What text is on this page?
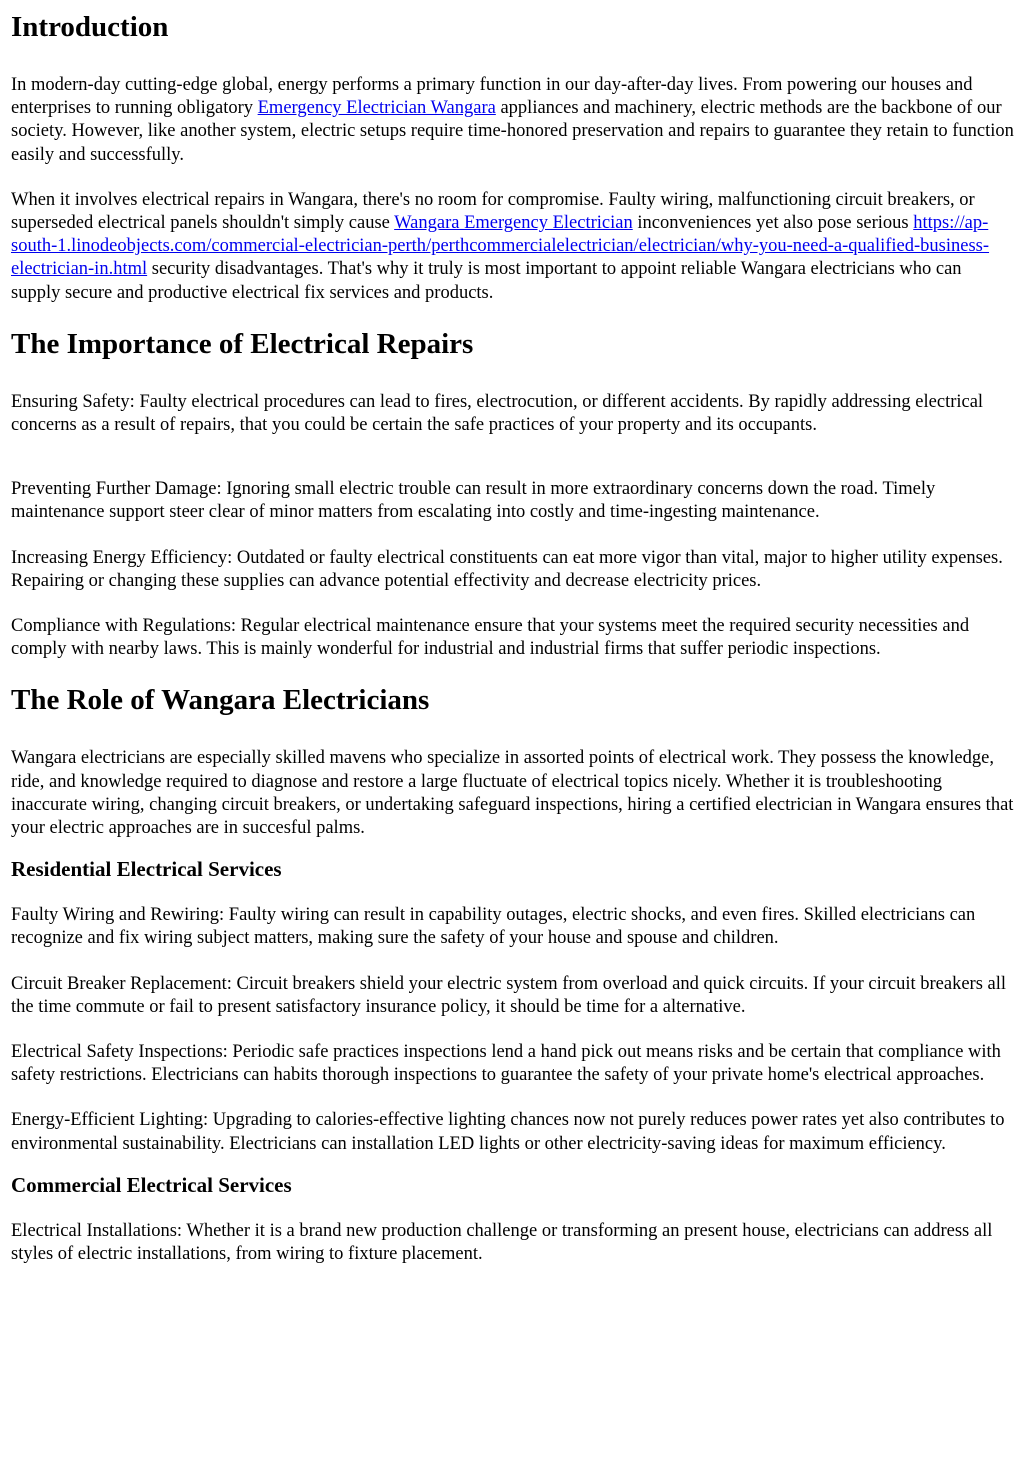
Introduction

In modern-day cutting-edge global, energy performs a primary function in our day-after-day lives. From powering our houses and enterprises to running obligatory Emergency Electrician Wangara appliances and machinery, electric methods are the backbone of our society. However, like another system, electric setups require time-honored preservation and repairs to guarantee they retain to function easily and successfully.

When it involves electrical repairs in Wangara, there's no room for compromise. Faulty wiring, malfunctioning circuit breakers, or superseded electrical panels shouldn't simply cause Wangara Emergency Electrician inconveniences yet also pose serious https://ap-south-1.linodeobjects.com/commercial-electrician-perth/perthcommercialelectrician/electrician/why-you-need-a-qualified-business-electrician-in.html security disadvantages. That's why it truly is most important to appoint reliable Wangara electricians who can supply secure and productive electrical fix services and products.

The Importance of Electrical Repairs

Ensuring Safety: Faulty electrical procedures can lead to fires, electrocution, or different accidents. By rapidly addressing electrical concerns as a result of repairs, that you could be certain the safe practices of your property and its occupants.

Preventing Further Damage: Ignoring small electric trouble can result in more extraordinary concerns down the road. Timely maintenance support steer clear of minor matters from escalating into costly and time-ingesting maintenance.

Increasing Energy Efficiency: Outdated or faulty electrical constituents can eat more vigor than vital, major to higher utility expenses. Repairing or changing these supplies can advance potential effectivity and decrease electricity prices.

Compliance with Regulations: Regular electrical maintenance ensure that your systems meet the required security necessities and comply with nearby laws. This is mainly wonderful for industrial and industrial firms that suffer periodic inspections.

The Role of Wangara Electricians

Wangara electricians are especially skilled mavens who specialize in assorted points of electrical work. They possess the knowledge, ride, and knowledge required to diagnose and restore a large fluctuate of electrical topics nicely. Whether it is troubleshooting inaccurate wiring, changing circuit breakers, or undertaking safeguard inspections, hiring a certified electrician in Wangara ensures that your electric approaches are in succesful palms.

Residential Electrical Services

Faulty Wiring and Rewiring: Faulty wiring can result in capability outages, electric shocks, and even fires. Skilled electricians can recognize and fix wiring subject matters, making sure the safety of your house and spouse and children.

Circuit Breaker Replacement: Circuit breakers shield your electric system from overload and quick circuits. If your circuit breakers all the time commute or fail to present satisfactory insurance policy, it should be time for a alternative.

Electrical Safety Inspections: Periodic safe practices inspections lend a hand pick out means risks and be certain that compliance with safety restrictions. Electricians can habits thorough inspections to guarantee the safety of your private home's electrical approaches.

Energy-Efficient Lighting: Upgrading to calories-effective lighting chances now not purely reduces power rates yet also contributes to environmental sustainability. Electricians can installation LED lights or other electricity-saving ideas for maximum efficiency.

Commercial Electrical Services

Electrical Installations: Whether it is a brand new production challenge or transforming an present house, electricians can address all styles of electric installations, from wiring to fixture placement.
